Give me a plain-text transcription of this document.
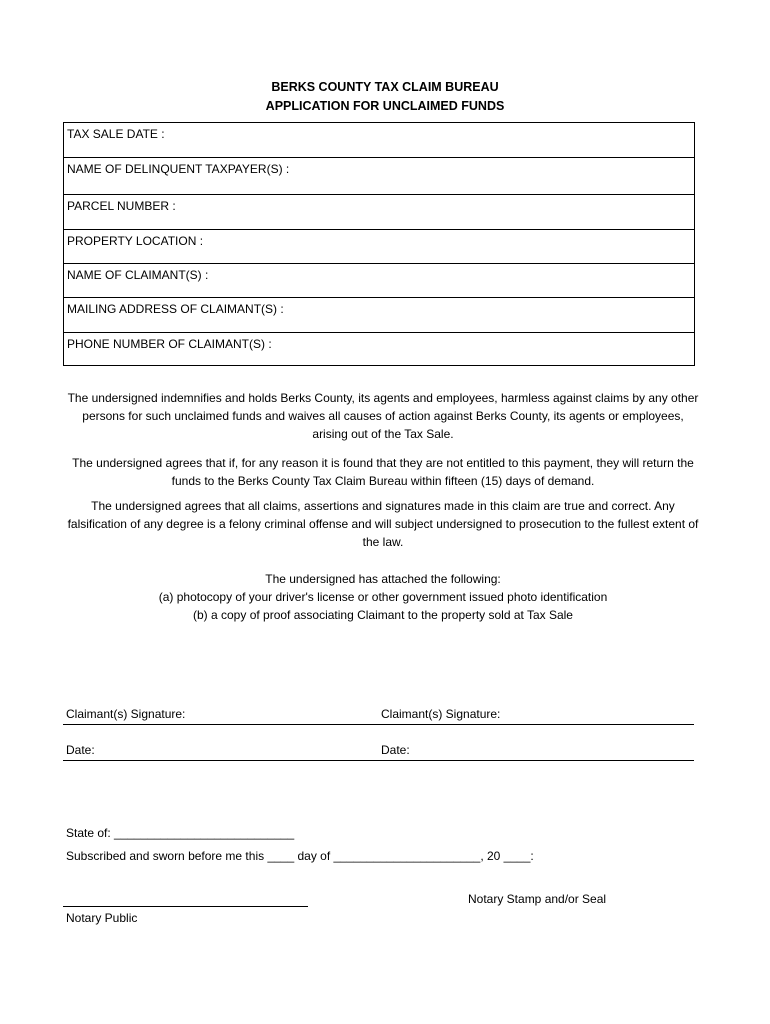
BERKS COUNTY TAX CLAIM BUREAU
APPLICATION FOR UNCLAIMED FUNDS
TAX SALE DATE :
NAME OF DELINQUENT TAXPAYER(S) :
PARCEL NUMBER :
PROPERTY LOCATION :
NAME OF CLAIMANT(S) :
MAILING ADDRESS OF CLAIMANT(S) :
PHONE NUMBER OF CLAIMANT(S) :
The undersigned indemnifies and holds Berks County, its agents and employees, harmless against claims by any other persons for such unclaimed funds and waives all causes of action against Berks County, its agents or employees, arising out of the Tax Sale.
The undersigned agrees that if, for any reason it is found that they are not entitled to this payment, they will return the funds to the Berks County Tax Claim Bureau within fifteen (15) days of demand.
The undersigned agrees that all claims, assertions and signatures made in this claim are true and correct. Any falsification of any degree is a felony criminal offense and will subject undersigned to prosecution to the fullest extent of the law.
The undersigned has attached the following:
(a) photocopy of your driver's license or other government issued photo identification
(b) a copy of proof associating Claimant to the property sold at Tax Sale
Claimant(s) Signature:	Claimant(s) Signature:
Date:	Date:
State of: ___________________________
Subscribed and sworn before me this ____ day of ______________________, 20 ____:
Notary Public
Notary Stamp and/or Seal
